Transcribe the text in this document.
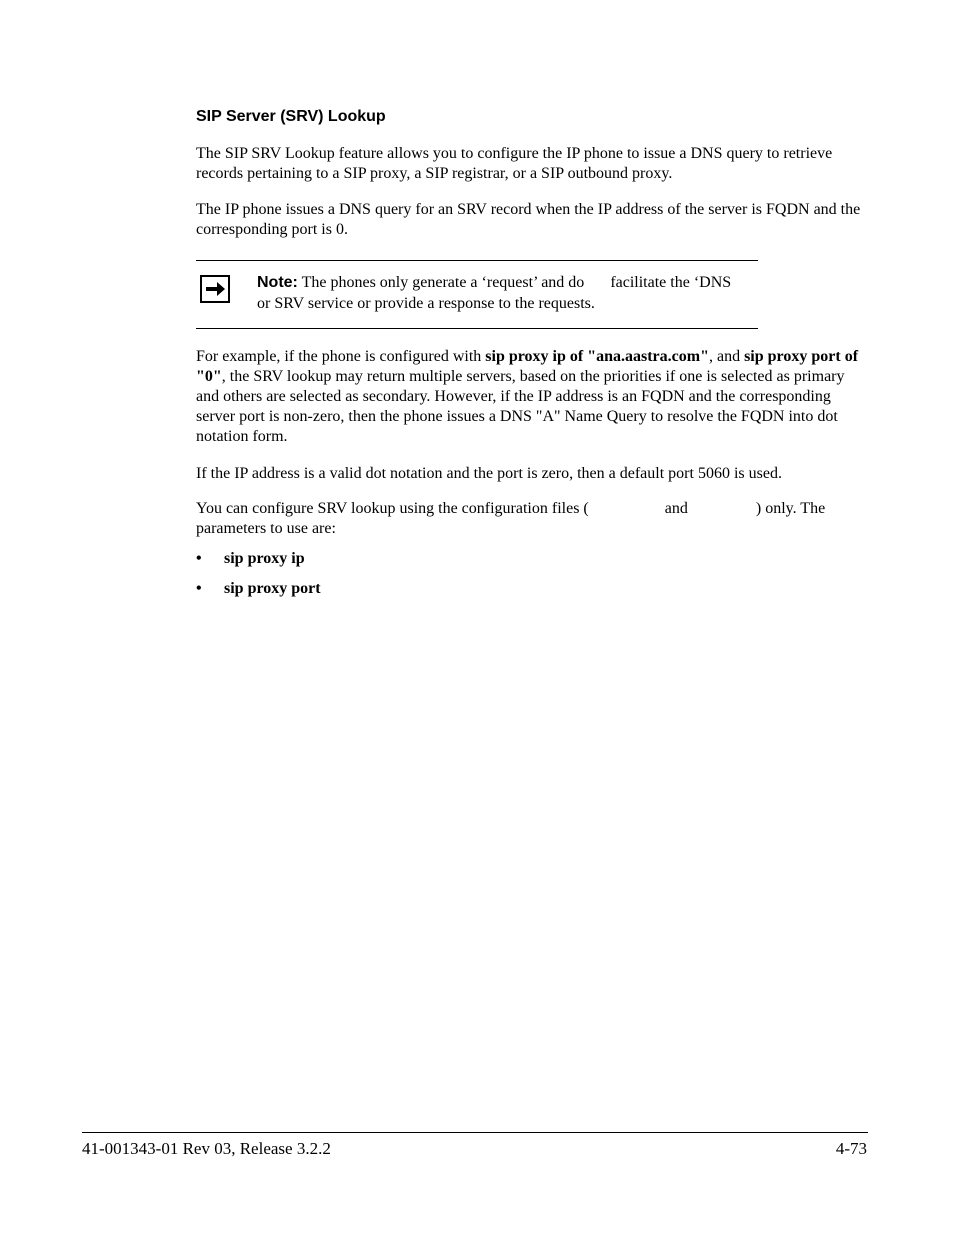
SIP Server (SRV) Lookup

The SIP SRV Lookup feature allows you to configure the IP phone to issue a DNS query to retrieve records pertaining to a SIP proxy, a SIP registrar, or a SIP outbound proxy.

The IP phone issues a DNS query for an SRV record when the IP address of the server is FQDN and the corresponding port is 0.

Note: The phones only generate a ‘request’ and do facilitate the ‘DNS or SRV service or provide a response to the requests.

For example, if the phone is configured with sip proxy ip of "ana.aastra.com", and sip proxy port of "0", the SRV lookup may return multiple servers, based on the priorities if one is selected as primary and others are selected as secondary. However, if the IP address is an FQDN and the corresponding server port is non-zero, then the phone issues a DNS "A" Name Query to resolve the FQDN into dot notation form.

If the IP address is a valid dot notation and the port is zero, then a default port 5060 is used.

You can configure SRV lookup using the configuration files (	and	) only. The parameters to use are:

• sip proxy ip
• sip proxy port
41-001343-01 Rev 03, Release 3.2.2	4-73
